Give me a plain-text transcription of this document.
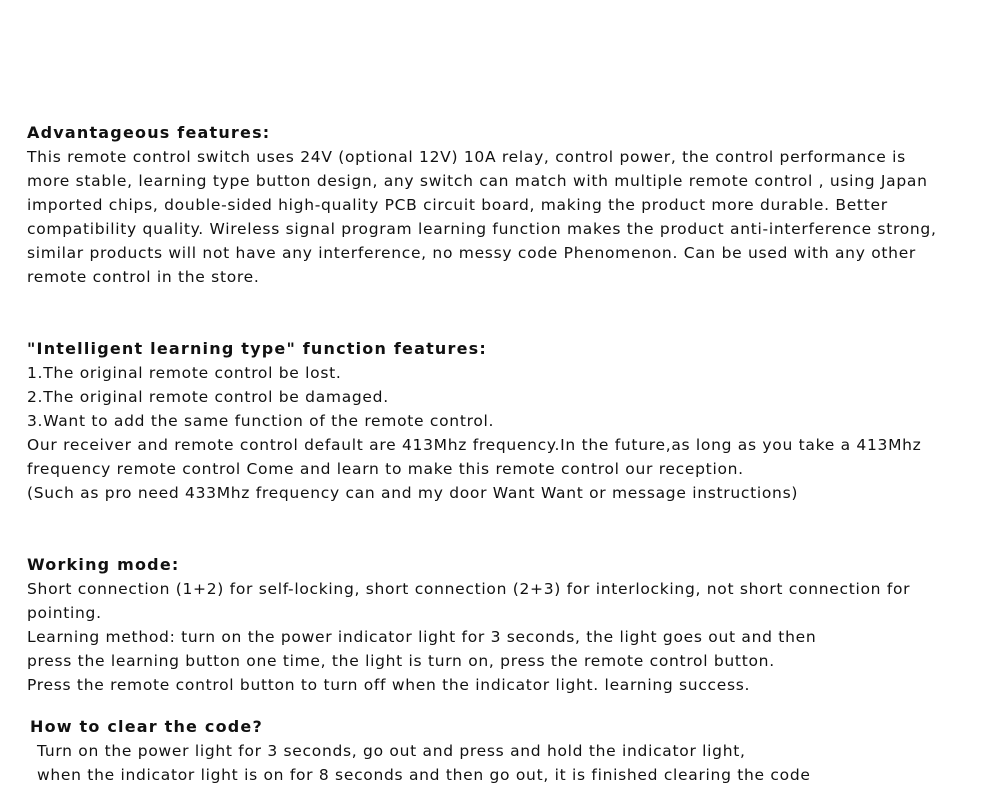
Advantageous features:
This remote control switch uses 24V (optional 12V) 10A relay, control power, the control performance is
more stable, learning type button design, any switch can match with multiple remote control , using Japan
imported chips, double-sided high-quality PCB circuit board, making the product more durable. Better
compatibility quality. Wireless signal program learning function makes the product anti-interference strong,
similar products will not have any interference, no messy code Phenomenon. Can be used with any other
remote control in the store.
"Intelligent learning type" function features:
1.The original remote control be lost.
2.The original remote control be damaged.
3.Want to add the same function of the remote control.
Our receiver and remote control default are 413Mhz frequency.In the future,as long as you take a 413Mhz
frequency remote control Come and learn to make this remote control our reception.
(Such as pro need 433Mhz frequency can and my door Want Want or message instructions)
Working mode:
Short connection (1+2) for self-locking, short connection (2+3) for interlocking, not short connection for
pointing.
Learning method: turn on the power indicator light for 3 seconds, the light goes out and then
press the learning button one time, the light is turn on, press the remote control button.
Press the remote control button to turn off when the indicator light. learning success.
How to clear the code?
Turn on the power light for 3 seconds, go out and press and hold the indicator light,
when the indicator light is on for 8 seconds and then go out, it is finished clearing the code
